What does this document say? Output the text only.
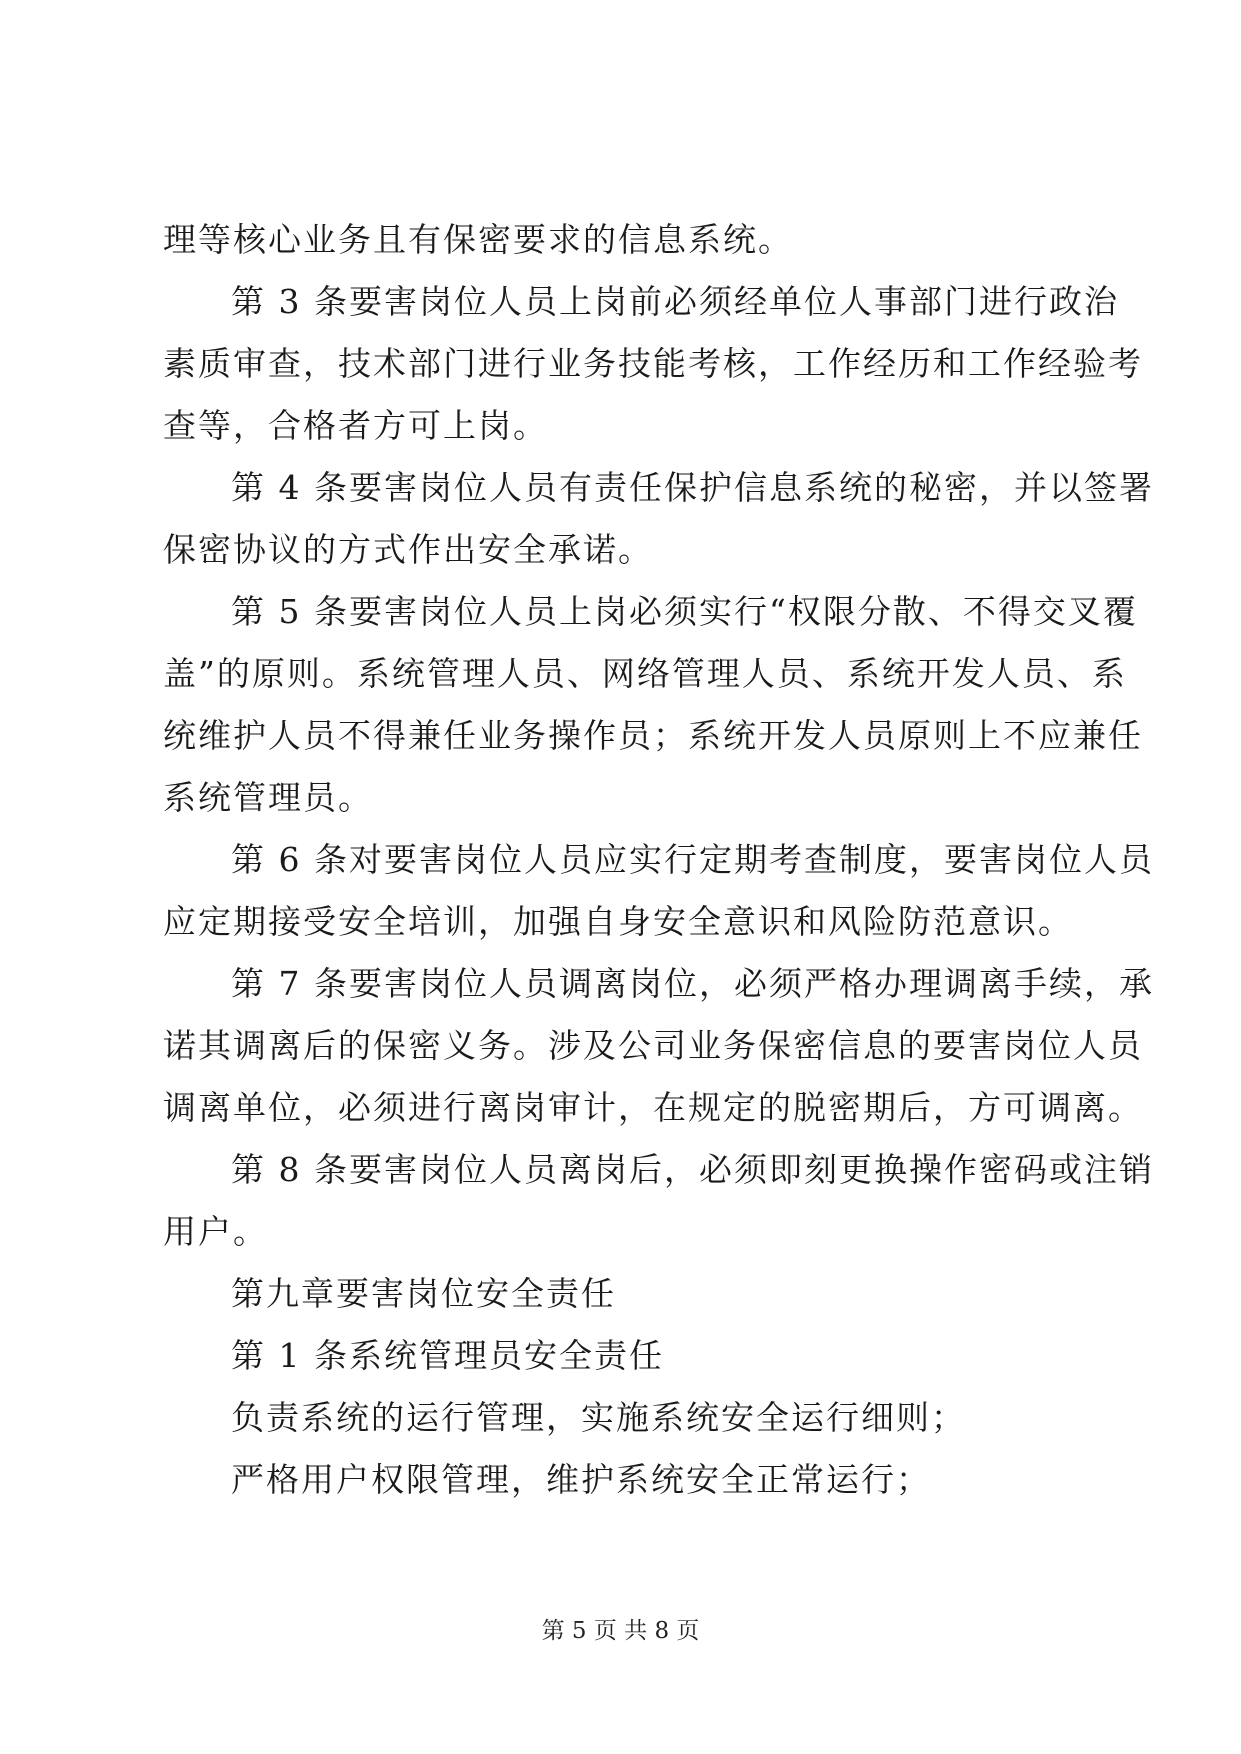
理等核心业务且有保密要求的信息系统。
第 3 条要害岗位人员上岗前必须经单位人事部门进行政治
素质审查，技术部门进行业务技能考核，工作经历和工作经验考
查等，合格者方可上岗。
第 4 条要害岗位人员有责任保护信息系统的秘密，并以签署
保密协议的方式作出安全承诺。
第 5 条要害岗位人员上岗必须实行“权限分散、不得交叉覆
盖”的原则。系统管理人员、网络管理人员、系统开发人员、系
统维护人员不得兼任业务操作员；系统开发人员原则上不应兼任
系统管理员。
第 6 条对要害岗位人员应实行定期考查制度，要害岗位人员
应定期接受安全培训，加强自身安全意识和风险防范意识。
第 7 条要害岗位人员调离岗位，必须严格办理调离手续，承
诺其调离后的保密义务。涉及公司业务保密信息的要害岗位人员
调离单位，必须进行离岗审计，在规定的脱密期后，方可调离。
第 8 条要害岗位人员离岗后，必须即刻更换操作密码或注销
用户。
第九章要害岗位安全责任
第 1 条系统管理员安全责任
负责系统的运行管理，实施系统安全运行细则；
严格用户权限管理，维护系统安全正常运行；
第 5 页 共 8 页
